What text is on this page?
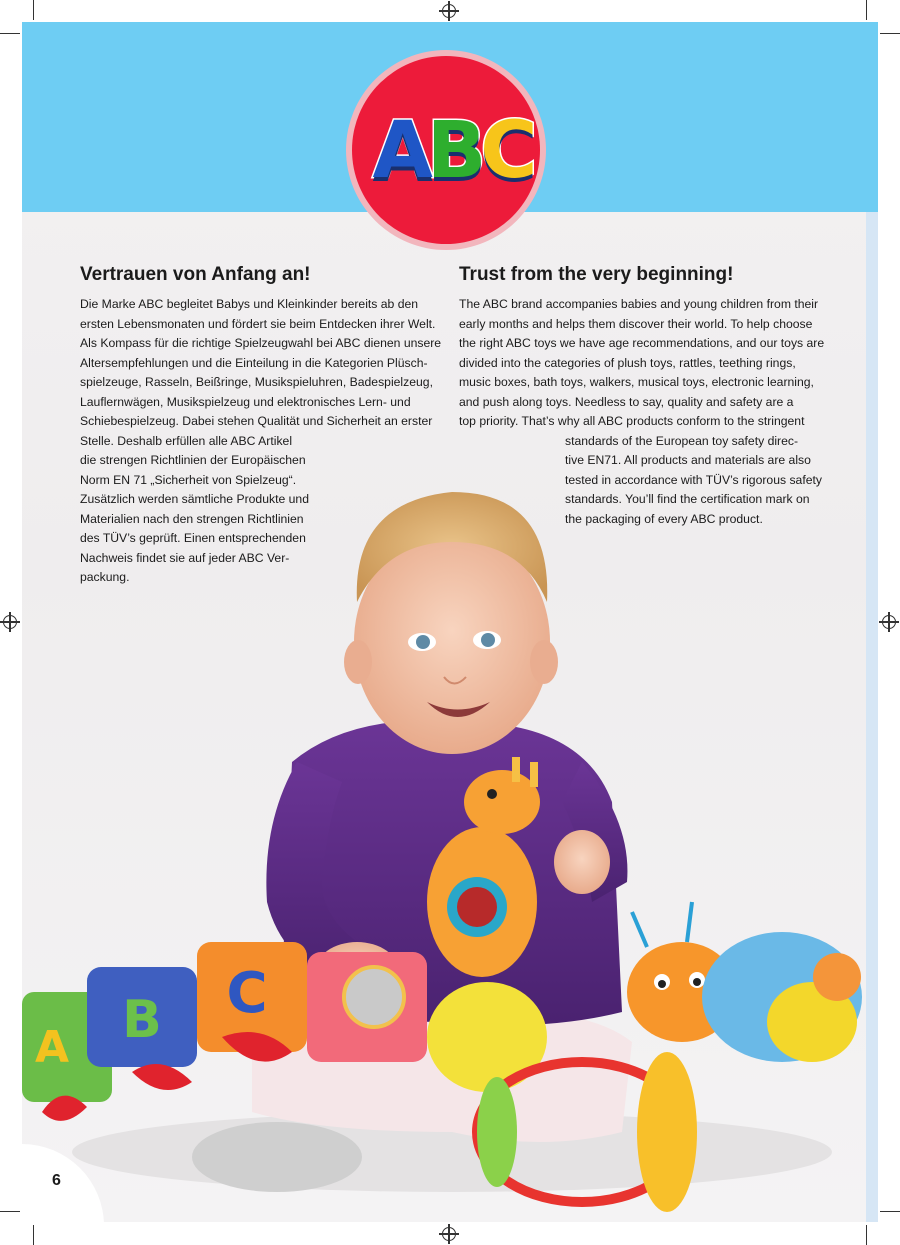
ABC
B C
A
Vertrauen von Anfang an!	Trust from the very beginning!

Die Marke ABC begleitet Babys und Kleinkinder bereits ab den

ersten Lebensmonaten und fördert sie beim Entdecken ihrer Welt.

Als Kompass für die richtige Spielzeugwahl bei ABC dienen unsere

Altersempfehlungen und die Einteilung in die Kategorien Plüsch-

spielzeuge, Rasseln, Beißringe, Musikspieluhren, Badespielzeug,

Lauflernwägen, Musikspielzeug und elektronisches Lern- und

Schiebespielzeug. Dabei stehen Qualität und Sicherheit an erster

Stelle. Deshalb erfüllen alle ABC Artikel

die strengen Richtlinien der Europäischen

Norm EN 71 „Sicherheit von Spielzeug“.

Zusätzlich werden sämtliche Produkte und

Materialien nach den strengen Richtlinien

des TÜV’s geprüft. Einen entsprechenden

Nachweis findet sie auf jeder ABC Ver-

packung.

The ABC brand accompanies babies and young children from their

early months and helps them discover their world. To help choose

the right ABC toys we have age recommendations, and our toys are

divided into the categories of plush toys, rattles, teething rings,

music boxes, bath toys, walkers, musical toys, electronic learning,

and push along toys. Needless to say, quality and safety are a

top priority. That’s why all ABC products conform to the stringent

standards of the European toy safety direc-

tive EN71. All products and materials are also

tested in accordance with TÜV’s rigorous safety

standards. You’ll find the certification mark on

the packaging of every ABC product.

6
